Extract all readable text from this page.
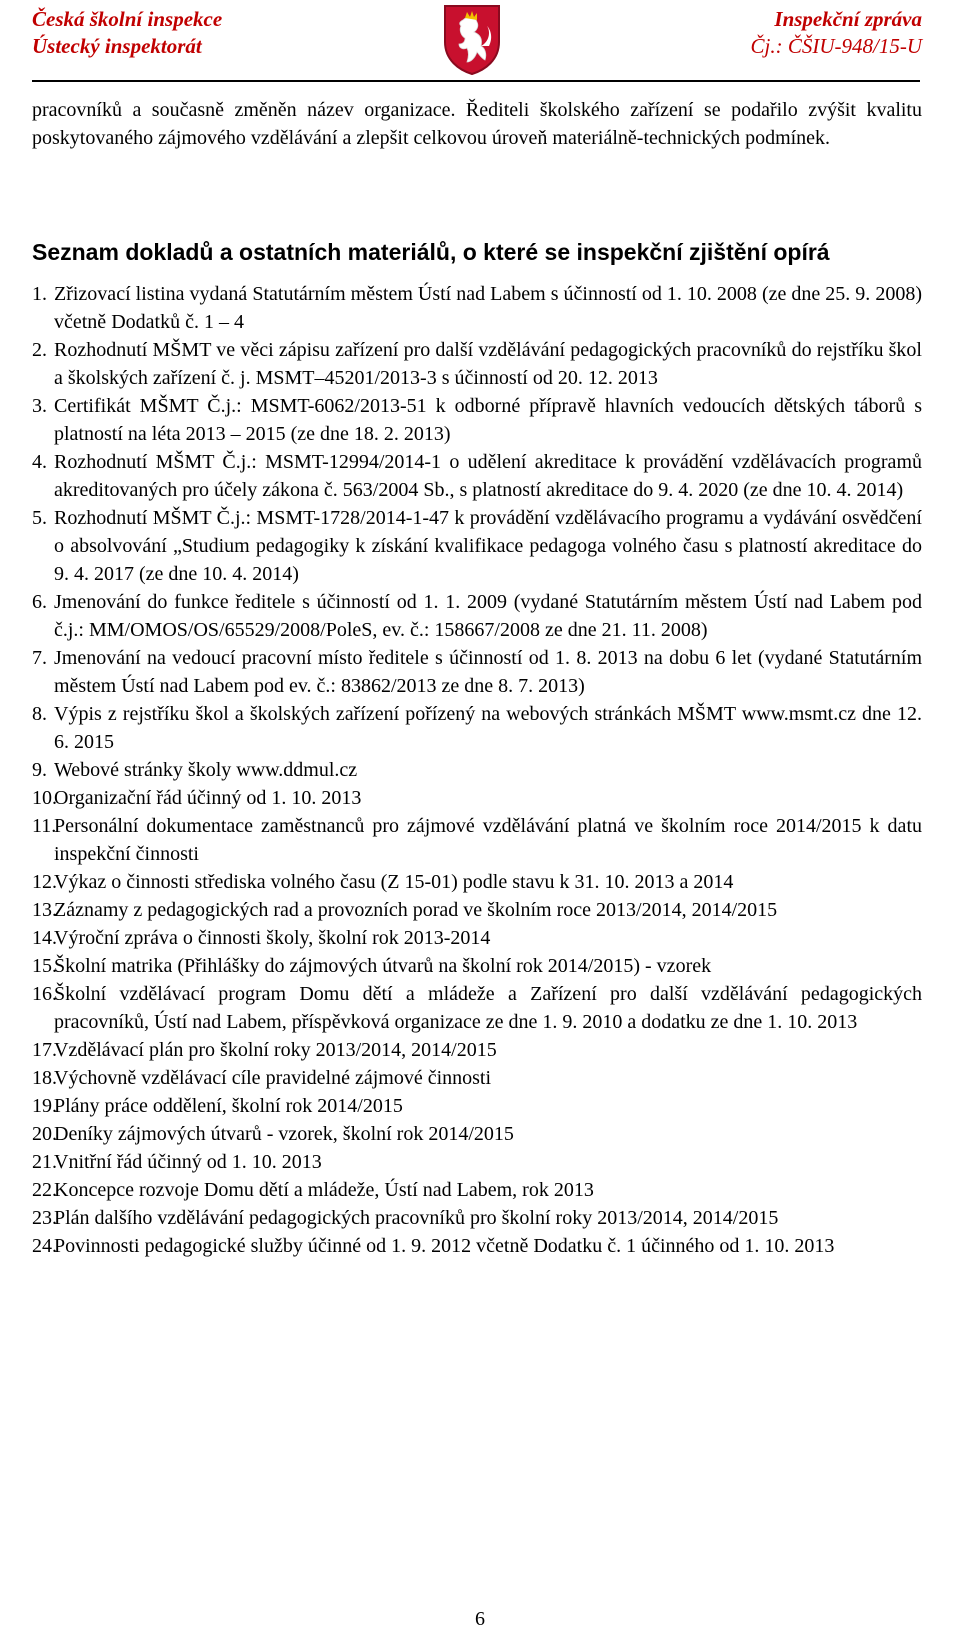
Česká školní inspekce
Ústecký inspektorát
Inspekční zpráva
Čj.: ČŠIU-948/15-U

pracovníků a současně změněn název organizace. Řediteli školského zařízení se podařilo zvýšit kvalitu poskytovaného zájmového vzdělávání a zlepšit celkovou úroveň materiálně-technických podmínek.

Seznam dokladů a ostatních materiálů, o které se inspekční zjištění opírá
1. Zřizovací listina vydaná Statutárním městem Ústí nad Labem s účinností od 1. 10. 2008 (ze dne 25. 9. 2008) včetně Dodatků č. 1 – 4
2. Rozhodnutí MŠMT ve věci zápisu zařízení pro další vzdělávání pedagogických pracovníků do rejstříku škol a školských zařízení č. j. MSMT–45201/2013-3 s účinností od 20. 12. 2013
3. Certifikát MŠMT Č.j.: MSMT-6062/2013-51 k odborné přípravě hlavních vedoucích dětských táborů s platností na léta 2013 – 2015 (ze dne 18. 2. 2013)
4. Rozhodnutí MŠMT Č.j.: MSMT-12994/2014-1 o udělení akreditace k provádění vzdělávacích programů akreditovaných pro účely zákona č. 563/2004 Sb., s platností akreditace do 9. 4. 2020 (ze dne 10. 4. 2014)
5. Rozhodnutí MŠMT Č.j.: MSMT-1728/2014-1-47 k provádění vzdělávacího programu a vydávání osvědčení o absolvování „Studium pedagogiky k získání kvalifikace pedagoga volného času s platností akreditace do 9. 4. 2017 (ze dne 10. 4. 2014)
6. Jmenování do funkce ředitele s účinností od 1. 1. 2009 (vydané Statutárním městem Ústí nad Labem pod č.j.: MM/OMOS/OS/65529/2008/PoleS, ev. č.: 158667/2008 ze dne 21. 11. 2008)
7. Jmenování na vedoucí pracovní místo ředitele s účinností od 1. 8. 2013 na dobu 6 let (vydané Statutárním městem Ústí nad Labem pod ev. č.: 83862/2013 ze dne 8. 7. 2013)
8. Výpis z rejstříku škol a školských zařízení pořízený na webových stránkách MŠMT www.msmt.cz dne 12. 6. 2015
9. Webové stránky školy www.ddmul.cz
10.
Organizační řád účinný od 1. 10. 2013
11.
Personální dokumentace zaměstnanců pro zájmové vzdělávání platná ve školním roce 2014/2015 k datu inspekční činnosti
12.
Výkaz o činnosti střediska volného času (Z 15-01) podle stavu k 31. 10. 2013 a 2014
13.
Záznamy z pedagogických rad a provozních porad ve školním roce 2013/2014, 2014/2015
14.
Výroční zpráva o činnosti školy, školní rok 2013-2014
15.
Školní matrika (Přihlášky do zájmových útvarů na školní rok 2014/2015) - vzorek
16.
Školní vzdělávací program Domu dětí a mládeže a Zařízení pro další vzdělávání pedagogických pracovníků, Ústí nad Labem, příspěvková organizace ze dne 1. 9. 2010 a dodatku ze dne 1. 10. 2013
17.
Vzdělávací plán pro školní roky 2013/2014, 2014/2015
18.
Výchovně vzdělávací cíle pravidelné zájmové činnosti
19.
Plány práce oddělení, školní rok 2014/2015
20.
Deníky zájmových útvarů - vzorek, školní rok 2014/2015
21.
Vnitřní řád účinný od 1. 10. 2013
22.
Koncepce rozvoje Domu dětí a mládeže, Ústí nad Labem, rok 2013
23.
Plán dalšího vzdělávání pedagogických pracovníků pro školní roky 2013/2014, 2014/2015
24.
Povinnosti pedagogické služby účinné od 1. 9. 2012 včetně Dodatku č. 1 účinného od 1. 10. 2013
6
